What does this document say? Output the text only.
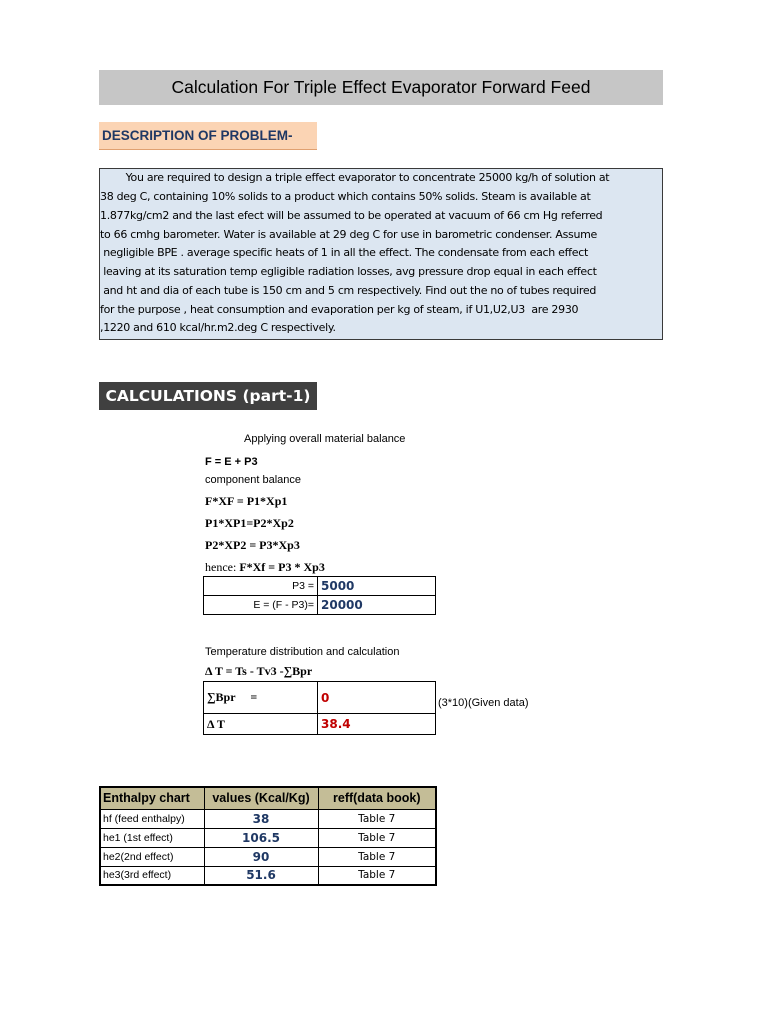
Calculation For Triple Effect Evaporator Forward Feed
DESCRIPTION OF PROBLEM-
You are required to design a triple effect evaporator to concentrate 25000 kg/h of solution at
38 deg C, containing 10% solids to a product which contains 50% solids. Steam is available at
1.877kg/cm2 and the last efect will be assumed to be operated at vacuum of 66 cm Hg referred
to 66 cmhg barometer. Water is available at 29 deg C for use in barometric condenser. Assume
negligible BPE . average specific heats of 1 in all the effect. The condensate from each effect
leaving at its saturation temp egligible radiation losses, avg pressure drop equal in each effect
and ht and dia of each tube is 150 cm and 5 cm respectively. Find out the no of tubes required
for the purpose , heat consumption and evaporation per kg of steam, if U1,U2,U3  are 2930
,1220 and 610 kcal/hr.m2.deg C respectively.
CALCULATIONS (part-1)
Applying overall material balance
F = E + P3
component balance
F*XF = P1*Xp1
P1*XP1=P2*Xp2
P2*XP2 = P3*Xp3
hence: F*Xf = P3 * Xp3
P3 =	5000
E = (F - P3)=	20000
Temperature distribution and calculation
Δ T = Ts - Tv3 -∑Bpr
∑Bpr     =	0
Δ T	38.4
(3*10)(Given data)
Enthalpy chart	values (Kcal/Kg)	reff(data book)
hf (feed enthalpy)	38	Table 7
he1 (1st effect)	106.5	Table 7
he2(2nd effect)	90	Table 7
he3(3rd effect)	51.6	Table 7
